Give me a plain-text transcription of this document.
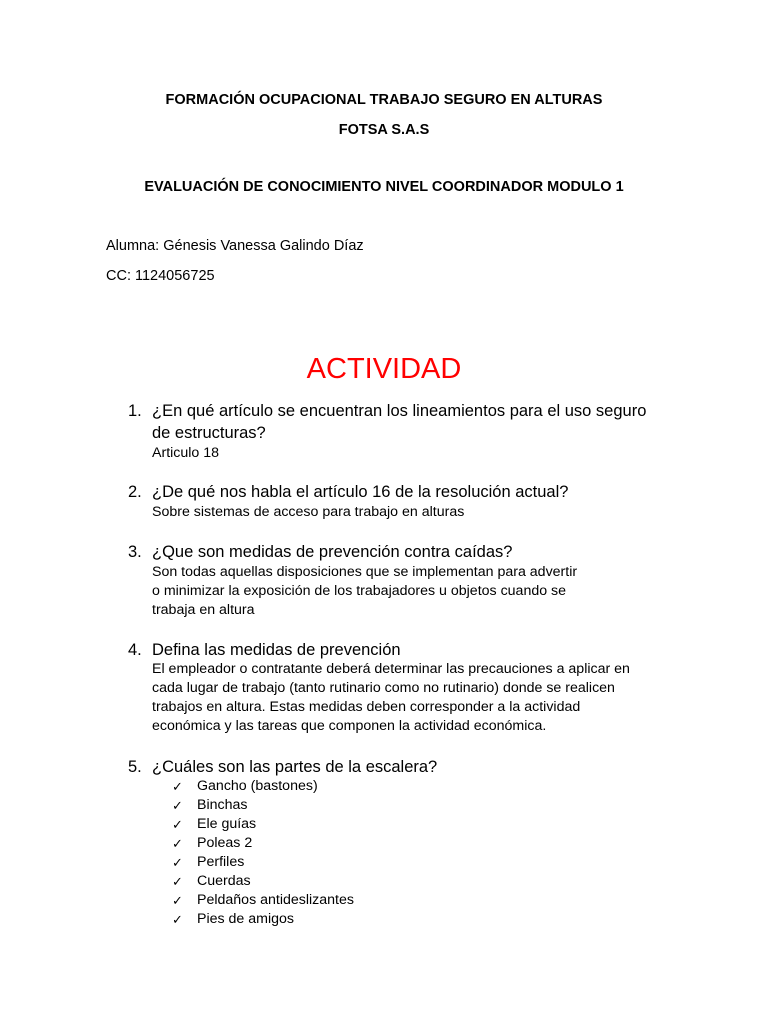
FORMACIÓN OCUPACIONAL TRABAJO SEGURO EN ALTURAS
FOTSA S.A.S
EVALUACIÓN DE CONOCIMIENTO NIVEL COORDINADOR MODULO 1
Alumna: Génesis Vanessa Galindo Díaz
CC: 1124056725
ACTIVIDAD
1. ¿En qué artículo se encuentran los lineamientos para el uso seguro de estructuras?
Articulo 18
2. ¿De qué nos habla el artículo 16 de la resolución actual?
Sobre sistemas de acceso para trabajo en alturas
3. ¿Que son medidas de prevención contra caídas?
Son todas aquellas disposiciones que se implementan para advertir
o minimizar la exposición de los trabajadores u objetos cuando se
trabaja en altura
4. Defina las medidas de prevención
El empleador o contratante deberá determinar las precauciones a aplicar en
cada lugar de trabajo (tanto rutinario como no rutinario) donde se realicen
trabajos en altura. Estas medidas deben corresponder a la actividad
económica y las tareas que componen la actividad económica.
5. ¿Cuáles son las partes de la escalera?
✓ Gancho (bastones)
✓ Binchas
✓ Ele guías
✓ Poleas 2
✓ Perfiles
✓ Cuerdas
✓ Peldaños antideslizantes
✓ Pies de amigos
